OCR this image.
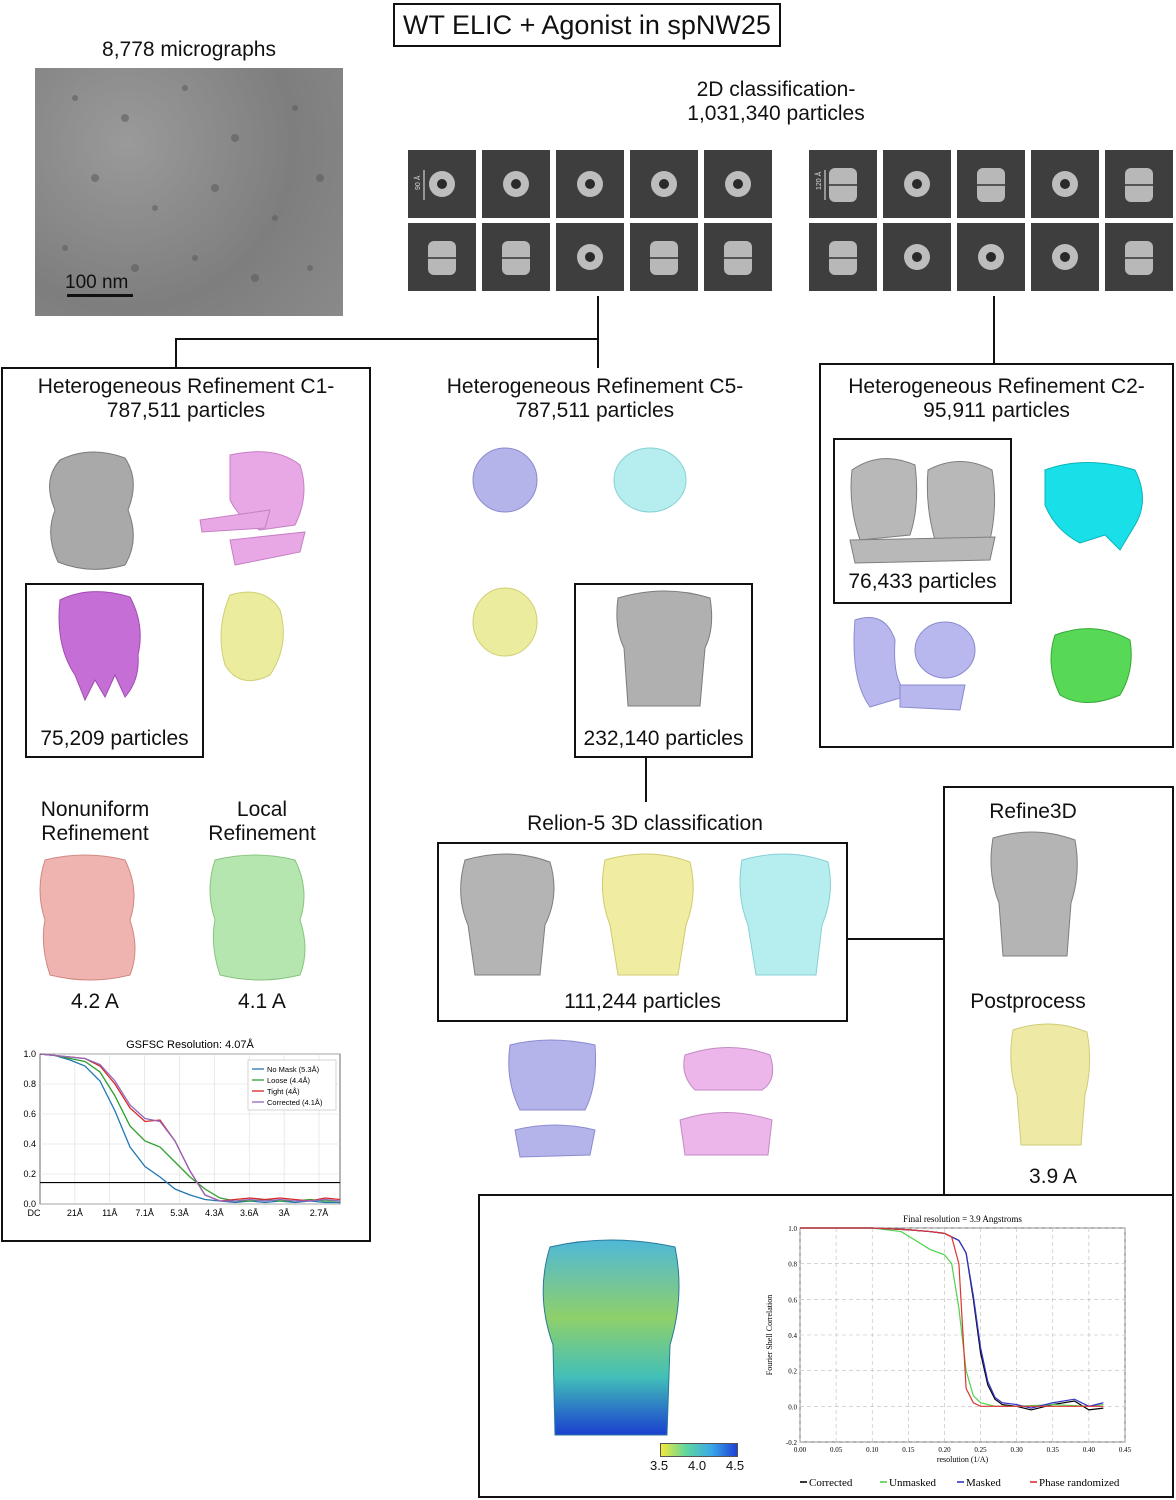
WT ELIC + Agonist in spNW25
8,778 micrographs
100 nm
2D classification-
1,031,340 particles
90 Å	120 Å
Heterogeneous Refinement C1-
787,511 particles
75,209 particles
Nonuniform
Refinement
Local
Refinement
4.2 A	4.1 A
GSFSC Resolution: 4.07Å
0.0
0.2
0.4
0.6
0.8
1.0
DC	21Å 11Å 7.1Å 5.3Å 4.3Å 3.6Å 3Å 2.7Å
No Mask (5.3Å)
Loose (4.4Å)
Tight (4Å)
Corrected (4.1Å)
Heterogeneous Refinement C5-
787,511 particles
232,140 particles
Heterogeneous Refinement C2-
95,911 particles
76,433 particles
Relion-5 3D classification
111,244 particles
Refine3D
Postprocess
3.9 A
3.5 4.0 4.5
Final resolution = 3.9 Angstroms
-0.2
0.0
0.2
0.4
0.6
0.8
1.0
0.00	0.05	0.10	0.15	0.20	0.25	0.30	0.35	0.40	0.45
resolution (1/A)
Fourier Shell Correlation
Corrected	Unmasked	Masked	Phase randomized
